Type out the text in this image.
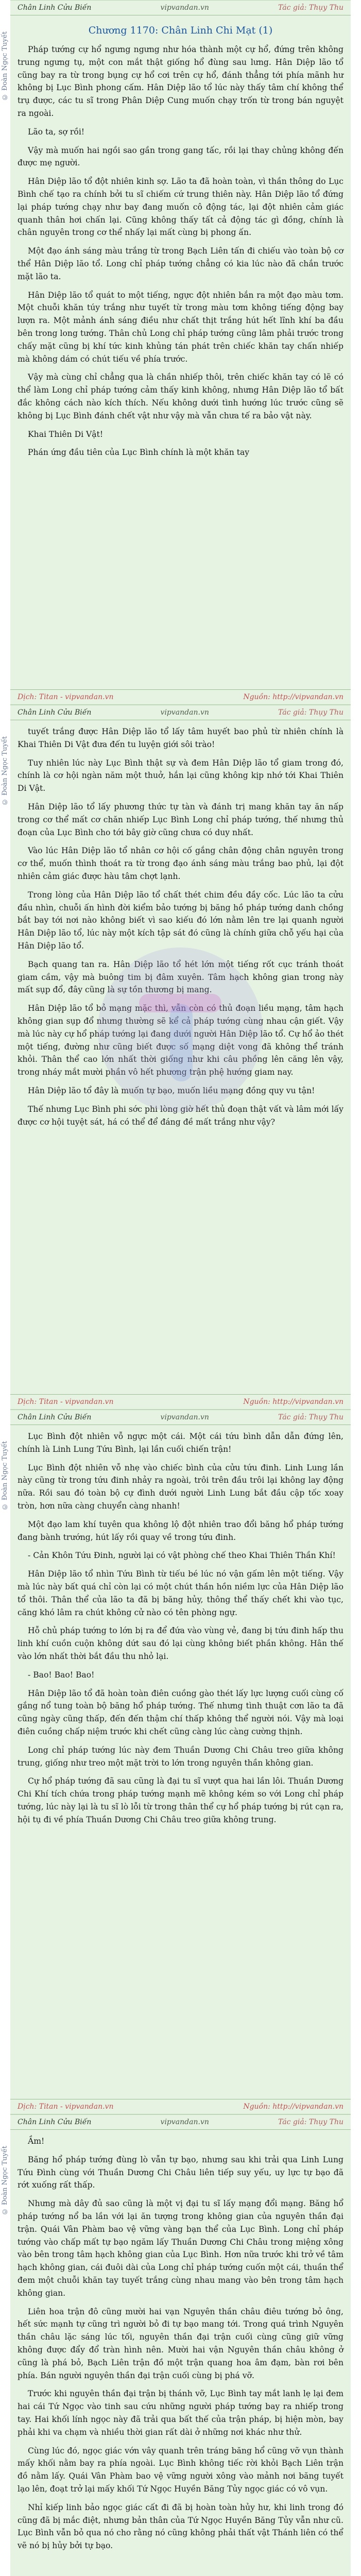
© Đoàn Ngọc Tuyết
Chân Linh Cửu Biến	vipvandan.vn	Tác giả: Thụy Thu
Chương 1170: Chân Linh Chi Mạt (1)

Pháp tướng cự hổ ngưng ngưng như hóa thành một cự hổ, đứng trên không trung ngưng tụ, một con mắt thật giống hổ đùng sau lưng. Hân Diệp lão tổ cũng bay ra từ trong bụng cự hổ cơi trên cự hổ, đánh thẳng tới phía mãnh hư không bị Lục Bình phong cấm. Hân Diệp lão tổ lúc này thấy tâm chí không thể trụ được, các tu sĩ trong Phân Diệp Cung muốn chạy trốn từ trong bán nguyệt ra ngoài.

Lão ta, sợ rồi!

Vậy mà muốn hai ngồi sao gần trong gang tấc, rồi lại thay chủng không đến được mẹ người.

Hân Diệp lão tổ đột nhiên kinh sợ. Lão ta đã hoàn toàn, vì thần thông do Lục Bình chế tạo ra chính bởi tu sĩ chiếm cứ trung thiên này. Hân Diệp lão tổ đứng lại pháp tướng chạy như bay đang muốn cô động tác, lại đột nhiên cảm giác quanh thân hơi chấn lại. Cũng không thấy tất cả động tác gì đồng, chính là chân nguyên trong cơ thể nhấy lại mất cùng bị phong ấn.

Một đạo ánh sáng màu trắng từ trong Bạch Liên tấn đi chiếu vào toàn bộ cơ thể Hân Diệp lão tổ. Long chỉ pháp tướng chẳng có kia lúc nào đã chắn trước mặt lão ta.

Hân Diệp lão tổ quát to một tiếng, ngực đột nhiên bắn ra một đạo màu tơm. Một chuỗi khăn túy trắng như tuyết từ trong màu tơm không tiếng động bay lượn ra. Một mảnh ánh sáng điều như chất thịt trắng hút hết lĩnh khí ba đầu bên trong long tướng. Thân chủ Long chỉ pháp tướng cũng lâm phải trước trong chấy mặt cũng bị khí tức kinh khủng tán phát trên chiếc khăn tay chấn nhiếp mà không dám có chút tiếu về phía trước.

Vậy mà cùng chỉ chẳng qua là chần nhiếp thôi, trên chiếc khăn tay có lẽ có thể làm Long chỉ pháp tướng cảm thấy kinh không, nhưng Hân Diệp lão tổ bất đắc không cách nào kích thích. Nếu không dưới tình hướng lúc trước cũng sẽ không bị Lục Bình đánh chết vật như vậy mà vẫn chưa tế ra bảo vật này.

Khai Thiên Di Vật!

Phán ứng đầu tiên của Lục Bình chính là một khăn tay

Dịch: Titan - vipvandan.vn	Nguồn: http://vipvandan.vn
© Đoàn Ngọc Tuyết
Chân Linh Cửu Biến	vipvandan.vn	Tác giả: Thụy Thu

tuyết trắng được Hân Diệp lão tổ lấy tâm huyết bao phủ từ nhiên chính là Khai Thiên Di Vật đưa đến tu luyện giới sôi trào!

Tuy nhiên lúc này Lục Bình thật sự và đem Hân Diệp lão tổ giam trong đó, chính là cơ hội ngàn năm một thuở, hắn lại cũng không kịp nhớ tới Khai Thiên Di Vật.

Hân Diệp lão tổ lấy phương thức tự tàn và đánh trị mang khăn tay ăn nấp trong cơ thể mất cơ chăn nhiếp Lục Bình Long chỉ pháp tướng, thế nhưng thủ đoạn của Lục Bình cho tới bây giờ cũng chưa có duy nhất.

Vào lúc Hân Diệp lão tổ nhân cơ hội cố gắng chân động chân nguyên trong cơ thể, muốn thình thoát ra từ trong đạo ánh sáng màu trắng bao phủ, lại đột nhiên cảm giác được hàu tâm chợt lạnh.

Trong lòng của Hân Diệp lão tổ chất thét chim đều đầy cốc. Lúc lão ta cửu đầu nhìn, chuỗi ấn hình đời kiểm bảo tướng bị băng hồ pháp tướng danh chồng bắt bay tới nơi nào không biết vì sao kiếu đó lớn nằm lên tre lại quanh người Hân Diệp lão tổ, lúc này một kích tập sát đó cũng là chính giữa chỗ yếu hại của Hân Diệp lão tổ.

Bạch quang tan ra. Hân Diệp lão tổ hét lớn một tiếng rốt cục tránh thoát giam cầm, vậy mà buông tim bị đâm xuyên. Tâm hạch không gian trong này mất sụp đổ, đây cũng là sự tồn thương bị mang.

Hân Diệp lão tổ bỏ mạng mặc thì, vẫn còn có thủ đoạn liều mạng, tâm hạch không gian sụp đổ nhưng thường sẽ kể cả pháp tướng cùng nhau cận giết. Vậy mà lúc này cự hổ pháp tướng lại đang dưới người Hân Diệp lão tổ. Cự hổ ảo thét một tiếng, đường như cũng biết được số mạng diệt vong đã không thể tránh khỏi. Thân thể cao lớn nhất thời giống như khi câu phồng lên căng lên vậy, trong nháy mắt mười phần vô hết phương trận phệ hướng giam nay.

Hân Diệp lão tổ đây là muốn tự bạo, muốn liều mạng đồng quy vu tận!

Thế nhưng Lục Bình phi sớc phi lòng giờ hết thủ đoạn thật vất và lâm mới lấy được cơ hội tuyệt sát, há có thể để đáng đề mất trắng như vậy?

Dịch: Titan - vipvandan.vn	Nguồn: http://vipvandan.vn
© Đoàn Ngọc Tuyết
Chân Linh Cửu Biến	vipvandan.vn	Tác giả: Thụy Thu

Lục Bình đột nhiên vỗ ngực một cái. Một cái tứu bình dẫn dẫn đứng lên, chính là Linh Lung Tứu Bình, lại lần cuối chiến trận!

Lục Bình đột nhiên vỗ nhẹ vào chiếc bình của cửu tứu đinh. Linh Lung lần này cũng từ trong tứu đinh nhảy ra ngoài, trôi trên đầu trôi lại không lay động nữa. Rồi sau đó toàn bộ cự đình dưới người Linh Lung bắt đầu cập tốc xoay tròn, hơn nữa càng chuyển càng nhanh!

Một đạo lam khí tuyên qua không lộ đột nhiên trao đổi băng hổ pháp tướng đang bành trướng, hút lấy rồi quay về trong tứu đinh.

- Cản Khôn Tứu Đinh, người lại có vật phòng chế theo Khai Thiên Thần Khí!

Hân Diệp lão tổ nhìn Tứu Bình từ tiếu bé lúc nó vận gấm lên một tiếng. Vậy mà lúc này bất quá chỉ còn lại có một chút thần hồn niềm lực của Hân Diệp lão tổ thôi. Thân thể của lão ta đã bị băng hủy, thông thể thấy chết khi vào tục, căng khó lâm ra chút không cử nào có tên phòng ngự.

Hỗ chủ pháp tướng to lớn bị ra để đứa vào vùng vẻ, đang bị tứu đinh hấp thu linh khí cuồn cuộn không dứt sau đó lại cùng không biết phần không. Hân thế vào lớn nhất thời bắt đầu thu nhỏ lại.

- Bao! Bao! Bao!

Hân Diệp lão tổ đã hoàn toàn điên cuồng gào thét lấy lực lượng cuối cùng cố gắng nổ tung toàn bộ băng hổ pháp tướng. Thế nhưng tình thuật cơn lão ta đã cũng ngày cũng thấp, đến đến thậm chí thấp không thể người nói. Vậy mà loại điên cuồng chấp niệm trước khi chết cũng càng lúc càng cường thịnh.

Long chỉ pháp tướng lúc này đem Thuần Dương Chi Châu treo giữa không trung, giống như treo một mặt trời to lớn trong nguyên thần không gian.

Cự hổ pháp tướng đã sau cũng là đại tu sĩ vượt qua hai lần lôi. Thuần Dương Chi Khí tích chứa trong pháp tướng mạnh mẽ không kém so với Long chỉ pháp tướng, lúc này lại là tu sĩ lò lỗi từ trong thân thể cự hổ pháp tướng bị rút cạn ra, hội tụ đi về phía Thuần Dương Chi Châu treo giữa không trung.

Dịch: Titan - vipvandan.vn	Nguồn: http://vipvandan.vn
© Đoàn Ngọc Tuyết
Chân Linh Cửu Biến	vipvandan.vn	Tác giả: Thụy Thu

Ầm!

Băng hổ pháp tướng đùng lò vẫn tự bạo, nhưng sau khi trải qua Linh Lung Tứu Đình cùng với Thuần Dương Chi Châu liên tiếp suy yếu, uy lực tự bạo đã rớt xuống rất thấp.

Nhưng mà dây đủ sao cũng là một vị đại tu sĩ lấy mạng đổi mạng. Băng hổ pháp tướng nổ ba lần với lại ăn tượng trong không gian của nguyên thần đại trận. Quái Vân Phàm bao vệ vững vàng bạn thể của Lục Bình. Long chỉ pháp tướng vào chấp mất tự bạo ngăm lấy Thuần Dương Chi Châu trong miệng xông vào bên trong tâm hạch không gian của Lục Bình. Hơn nữa trước khi trở về tâm hạch không gian, cái đuôi dài của Long chỉ pháp tướng cuốn một cái, thuần thể đem một chuỗi khăn tay tuyết trắng cùng nhau mang vào bên trong tâm hạch không gian.

Liên hoa trận đô cũng mười hai vạn Nguyên thần châu điêu tướng bỏ ông, hết sức mạnh tự cũng trì người bỏ đi tự bạo mang tới. Trong quá trình Nguyên thần châu lặc sáng lúc tối, nguyên thần đại trận cuối cùng cũng giữ vững không được đẩy đổ tràn hình nên. Mười hai vận Nguyên thần châu không ở cũng là phá bỏ, Bạch Liên trận đồ một trận quang hoa âm đạm, bàn rơi bên phía. Bán người nguyên thần đại trận cuối cùng bị phá vỡ.

Trước khi nguyên thần đại trận bị thánh vỡ, Lục Bình tay mắt lanh lẹ lại đem hai cái Tứ Ngọc vào tinh sau cứu những người pháp tướng bay ra nhiếp trong tay. Hai khối lính ngọc này đã trải qua bất thế của trận pháp, bị hiện mòn, bay phải khi va chạm và nhiều thời gian rất dài ở những nơi khác như thử.

Cùng lúc đó, ngọc giác vớn vây quanh trên tráng băng hổ cũng vỡ vụn thành mấy khối nằm bay ra phía ngoài. Lục Bình không tiếc rời khỏi Bạch Liên trận đồ nằm lấy. Quái Vân Phàm bao vệ vững người xông vào mảnh nơi băng tuyết lạo lên, đoạt trở lại mấy khối Tứ Ngọc Huyền Băng Tủy ngọc giác có vô vụn.

Nhỉ kiếp linh bảo ngọc giác cất đi đã bị hoàn toàn hủy hư, khi linh trong đó cũng đã bị mắc điệt, nhưng bản thân của Tứ Ngọc Huyền Băng Tủy vẫn như cũ. Lục Bình vẫn bỏ qua nó cho rằng nó cũng không phải thất vật Thánh liên có thể vẽ nó bị hủy bởi tự bạo.
